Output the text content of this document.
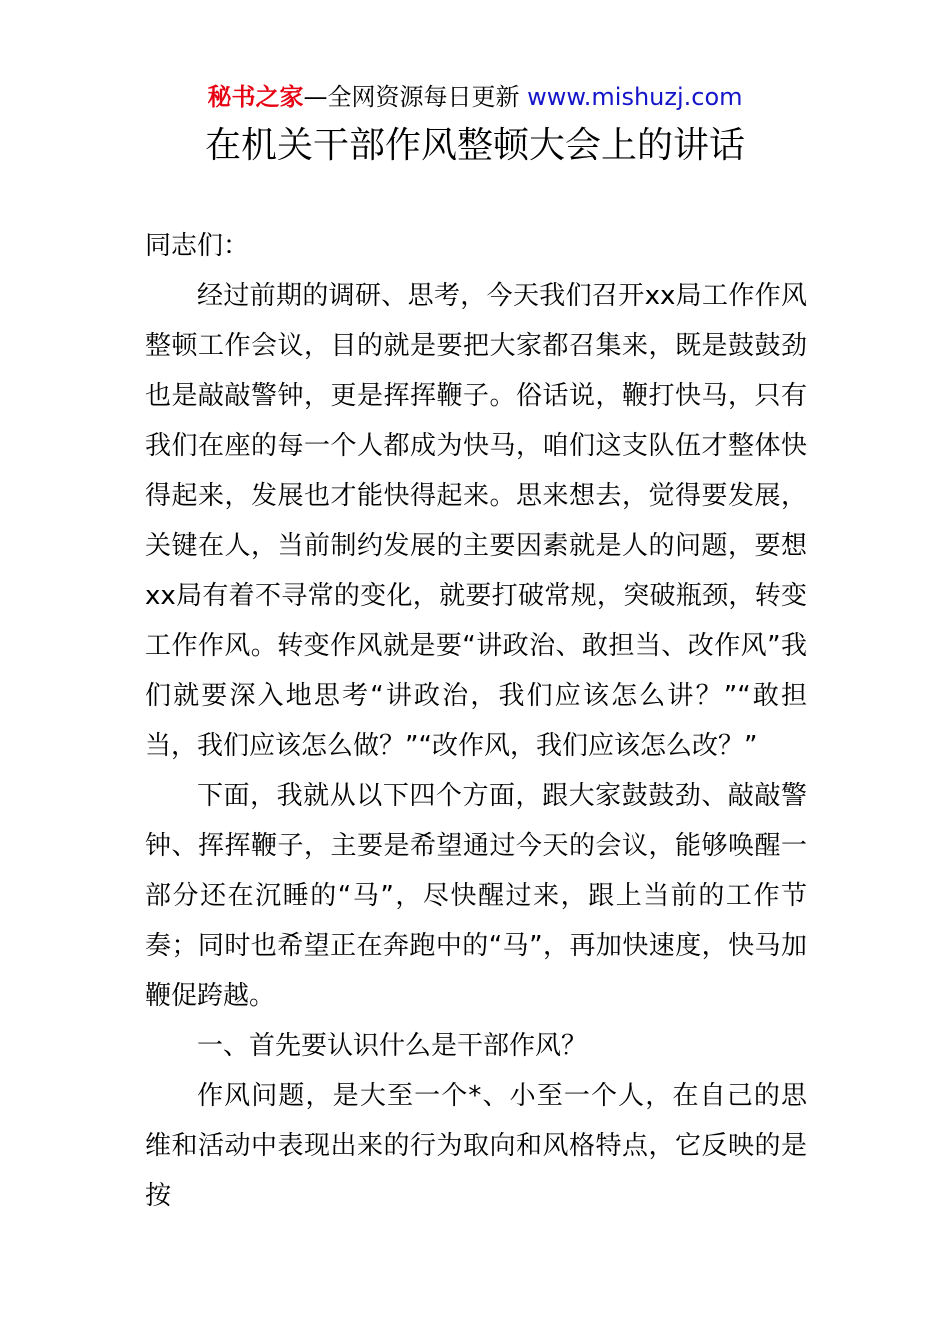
秘书之家—全网资源每日更新 www.mishuzj.com
在机关干部作风整顿大会上的讲话

同志们：

经过前期的调研、思考，今天我们召开xx局工作作风整顿工作会议，目的就是要把大家都召集来，既是鼓鼓劲也是敲敲警钟，更是挥挥鞭子。俗话说，鞭打快马，只有我们在座的每一个人都成为快马，咱们这支队伍才整体快得起来，发展也才能快得起来。思来想去，觉得要发展，关键在人，当前制约发展的主要因素就是人的问题，要想xx局有着不寻常的变化，就要打破常规，突破瓶颈，转变工作作风。转变作风就是要“讲政治、敢担当、改作风”我们就要深入地思考“讲政治，我们应该怎么讲？”“敢担当，我们应该怎么做？”“改作风，我们应该怎么改？”

下面，我就从以下四个方面，跟大家鼓鼓劲、敲敲警钟、挥挥鞭子，主要是希望通过今天的会议，能够唤醒一部分还在沉睡的“马”，尽快醒过来，跟上当前的工作节奏；同时也希望正在奔跑中的“马”，再加快速度，快马加鞭促跨越。

一、首先要认识什么是干部作风？

作风问题，是大至一个*、小至一个人，在自己的思维和活动中表现出来的行为取向和风格特点，它反映的是按
